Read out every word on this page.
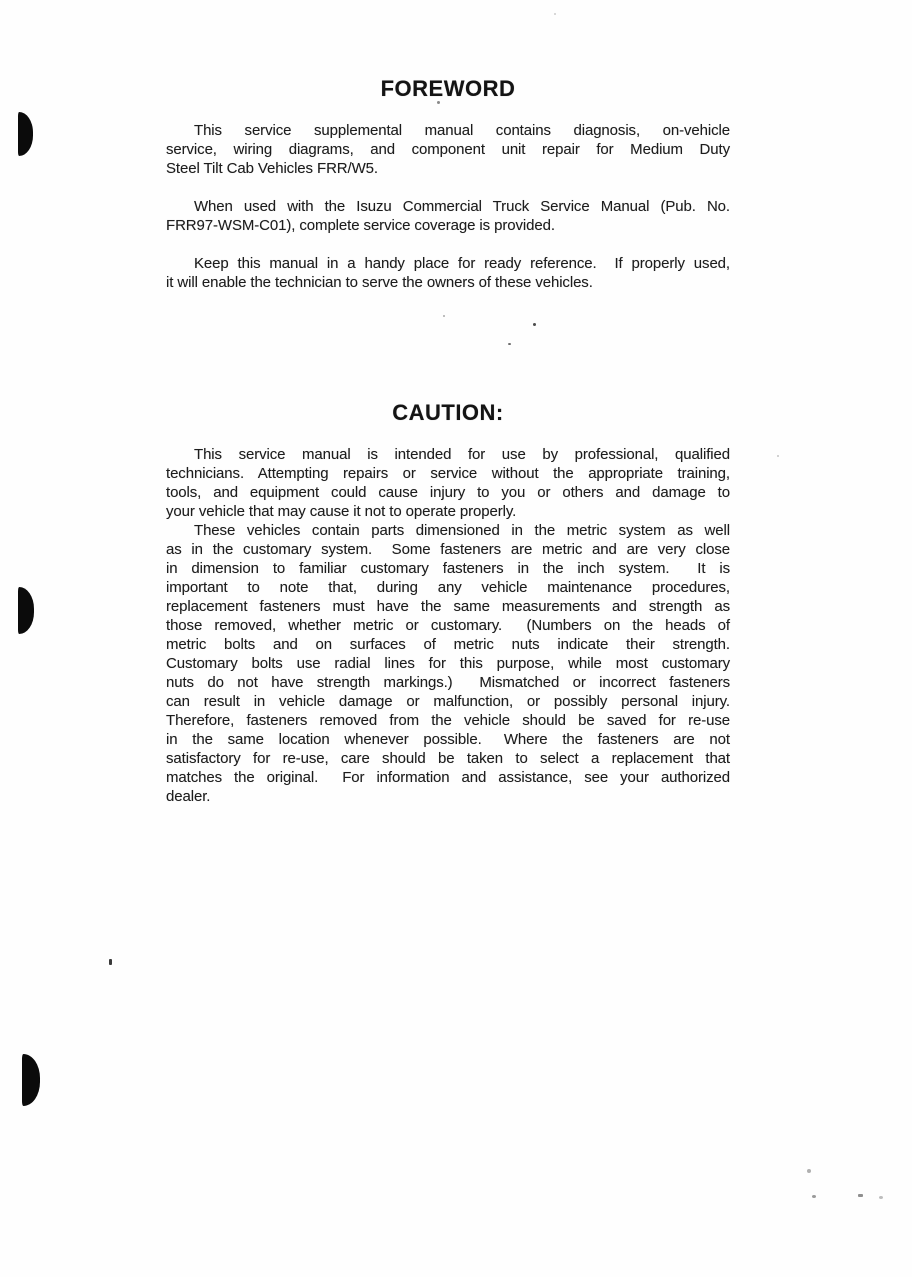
FOREWORD
This  service  supplemental  manual  contains  diagnosis,  on-vehicle
service, wiring diagrams, and component unit repair for Medium Duty
Steel Tilt Cab Vehicles FRR/W5.
When used with the Isuzu Commercial Truck Service Manual (Pub. No.
FRR97-WSM-C01), complete service coverage is provided.
Keep this manual in a handy place for ready reference.  If properly used,
it will enable the technician to serve the owners of these vehicles.
CAUTION:
This  service  manual  is  intended  for  use  by  professional,  qualified
technicians. Attempting repairs or service without the appropriate training,
tools, and equipment could cause injury to you or others and damage to
your vehicle that may cause it not to operate properly.
These vehicles contain parts dimensioned in the metric system as well
as in the customary system.  Some fasteners are metric and are very close
in dimension to familiar customary fasteners in the inch system.  It is
important  to  note  that,  during  any  vehicle  maintenance  procedures,
replacement fasteners must have the same measurements and strength as
those removed, whether metric or customary.  (Numbers on the heads of
metric  bolts  and  on  surfaces  of  metric  nuts  indicate  their  strength.
Customary bolts use radial lines for this purpose, while most customary
nuts do not have strength markings.)  Mismatched or incorrect fasteners
can result in vehicle damage or malfunction, or possibly personal injury.
Therefore, fasteners removed from the vehicle should be saved for re-use
in  the  same  location  whenever  possible.   Where  the  fasteners  are  not
satisfactory for re-use, care should be taken to select a replacement that
matches the original.  For information and assistance, see your authorized
dealer.
